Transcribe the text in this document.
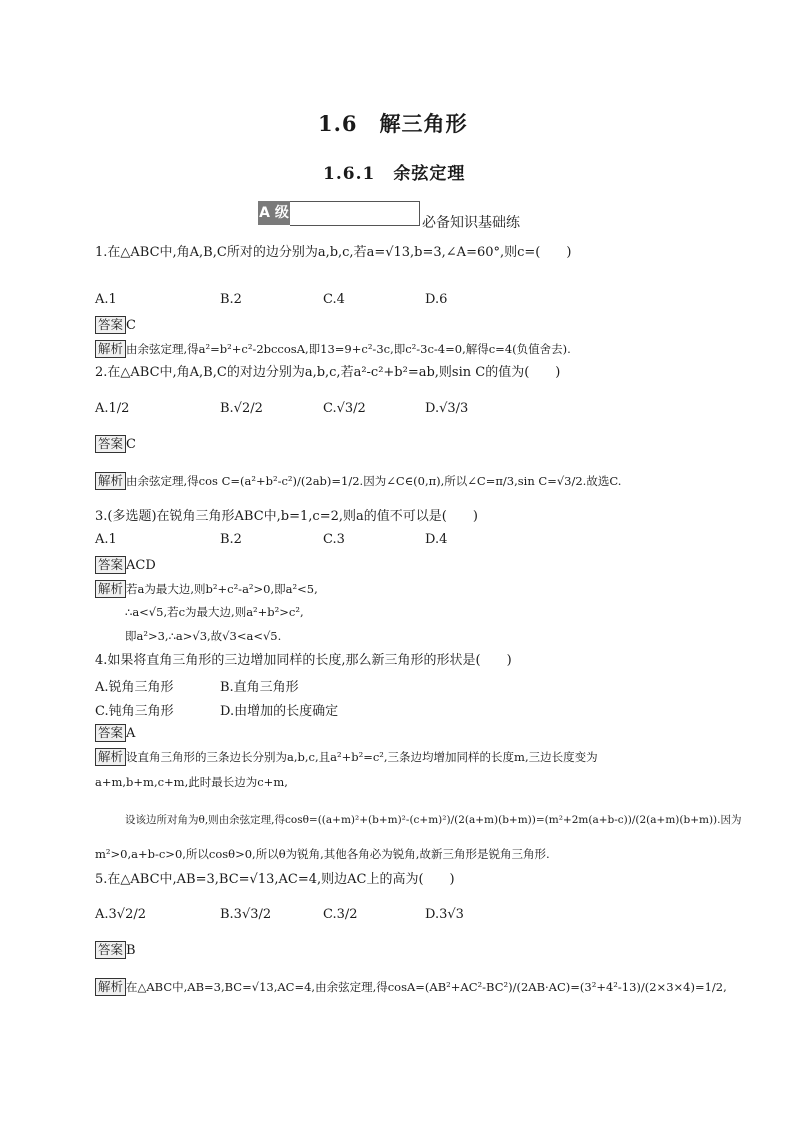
1.6　解三角形
1.6.1　余弦定理
A 级
必备知识基础练
1.在△ABC中,角A,B,C所对的边分别为a,b,c,若a=√13,b=3,∠A=60°,则c=(　　)
A.1	B.2	C.4	D.6
答案 C
解析 由余弦定理,得a²=b²+c²-2bccosA,即13=9+c²-3c,即c²-3c-4=0,解得c=4(负值舍去).
2.在△ABC中,角A,B,C的对边分别为a,b,c,若a²-c²+b²=ab,则sin C的值为(　　)
A.1/2	B.√2/2	C.√3/2	D.√3/3
答案 C
解析 由余弦定理,得cos C=(a²+b²-c²)/(2ab)=1/2.因为∠C∈(0,π),所以∠C=π/3,sin C=√3/2.故选C.
3.(多选题)在锐角三角形ABC中,b=1,c=2,则a的值不可以是(　　)
A.1	B.2	C.3	D.4
答案 ACD
解析 若a为最大边,则b²+c²-a²>0,即a²<5,
∴a<√5,若c为最大边,则a²+b²>c²,
即a²>3,∴a>√3,故√3<a<√5.
4.如果将直角三角形的三边增加同样的长度,那么新三角形的形状是(　　)
A.锐角三角形	B.直角三角形
C.钝角三角形	D.由增加的长度确定
答案 A
解析 设直角三角形的三条边长分别为a,b,c,且a²+b²=c²,三条边均增加同样的长度m,三边长度变为
a+m,b+m,c+m,此时最长边为c+m,
设该边所对角为θ,则由余弦定理,得cosθ=((a+m)²+(b+m)²-(c+m)²)/(2(a+m)(b+m))=(m²+2m(a+b-c))/(2(a+m)(b+m)).因为
m²>0,a+b-c>0,所以cosθ>0,所以θ为锐角,其他各角必为锐角,故新三角形是锐角三角形.
5.在△ABC中,AB=3,BC=√13,AC=4,则边AC上的高为(　　)
A.3√2/2	B.3√3/2	C.3/2	D.3√3
答案 B
解析 在△ABC中,AB=3,BC=√13,AC=4,由余弦定理,得cosA=(AB²+AC²-BC²)/(2AB·AC)=(3²+4²-13)/(2×3×4)=1/2,
